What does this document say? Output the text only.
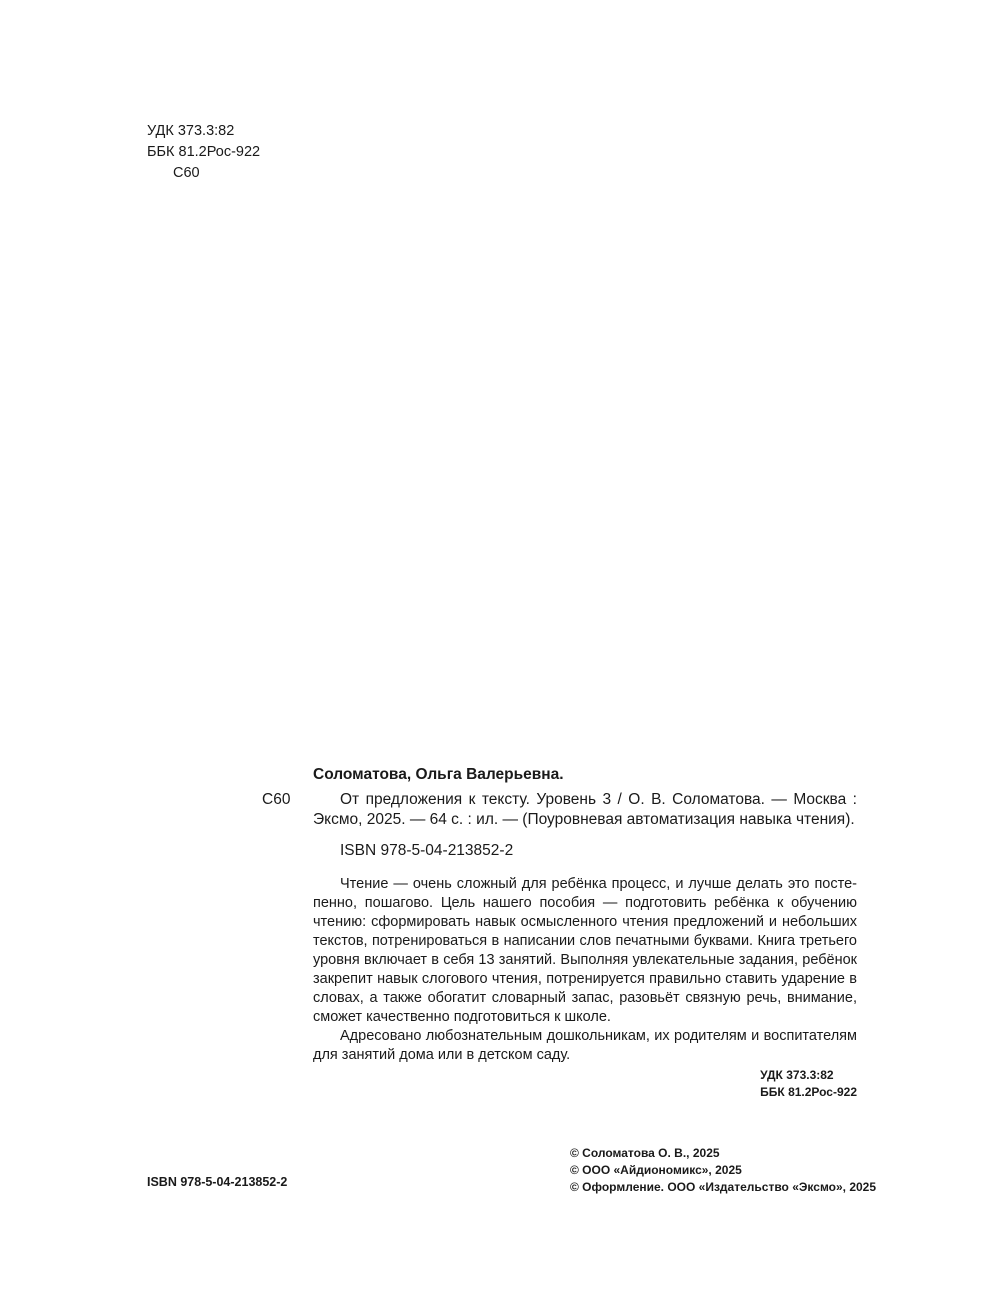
УДК 373.3:82
ББК 81.2Рос-922
С60
С60

Соломатова, Ольга Валерьевна.

От предложения к тексту. Уровень 3 / О. В. Соломатова. — Москва : Эксмо, 2025. — 64 с. : ил. — (Поуровневая автоматизация навыка чтения).

ISBN 978-5-04-213852-2

Чтение — очень сложный для ребёнка процесс, и лучше делать это посте-пенно, пошагово. Цель нашего пособия — подготовить ребёнка к обучению чтению: сформировать навык осмысленного чтения предложений и небольших текстов, потренироваться в написании слов печатными буквами. Книга третьего уровня включает в себя 13 занятий. Выполняя увлекательные задания, ребёнок закрепит навык слогового чтения, потренируется правильно ставить ударение в словах, а также обогатит словарный запас, разовьёт связную речь, внимание, сможет качественно подготовиться к школе.

Адресовано любознательным дошкольникам, их родителям и воспитателям для занятий дома или в детском саду.

УДК 373.3:82
ББК 81.2Рос-922
ISBN 978-5-04-213852-2
© Соломатова О. В., 2025
© ООО «Айдиономикс», 2025
© Оформление. ООО «Издательство «Эксмо», 2025
